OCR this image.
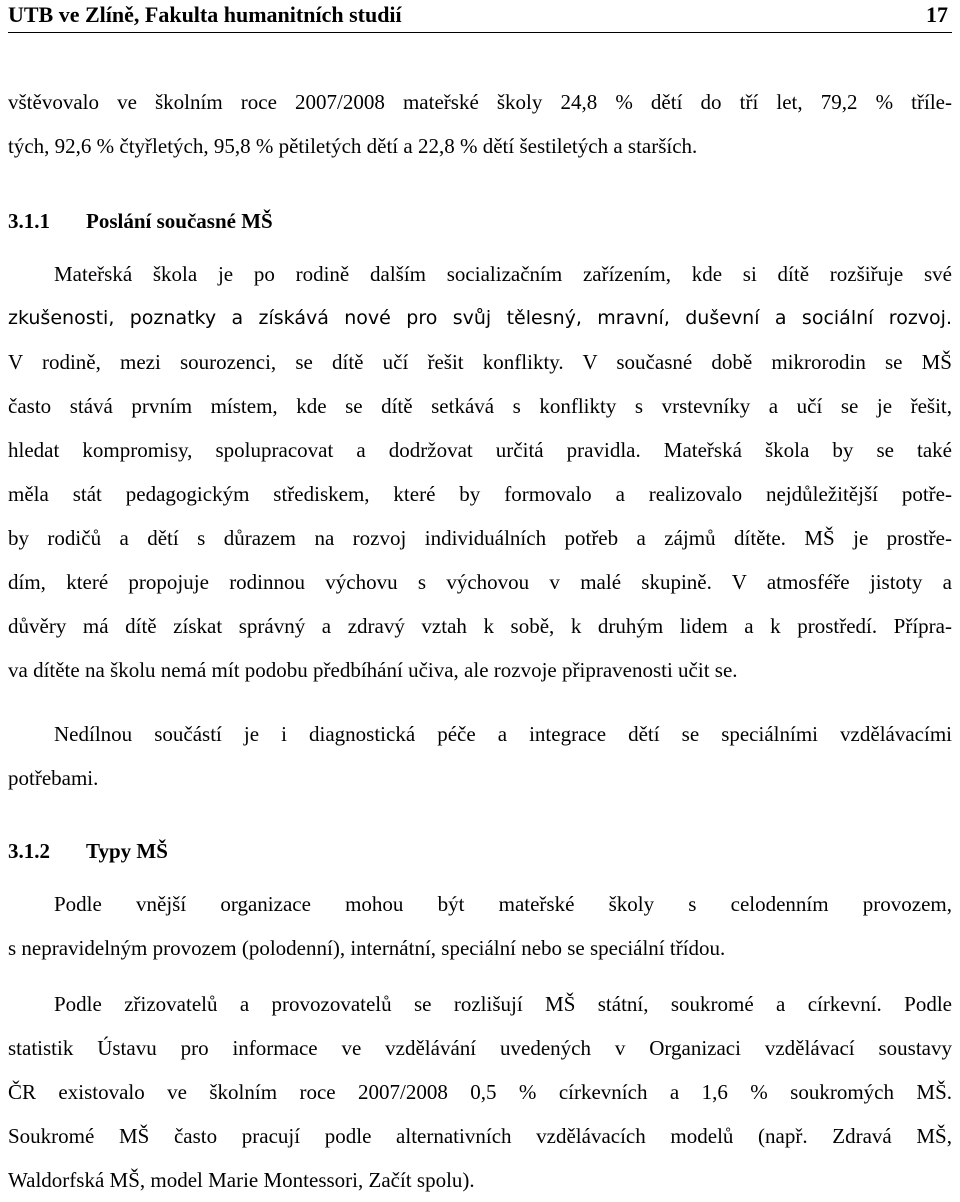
UTB ve Zlíně, Fakulta humanitních studií	17
vštěvovalo ve školním roce 2007/2008 mateřské školy 24,8 % dětí do tří let, 79,2 % tříle-
tých, 92,6 % čtyřletých, 95,8 % pětiletých dětí a 22,8 % dětí šestiletých a starších.
3.1.1 Poslání současné MŠ
Mateřská škola je po rodině dalším socializačním zařízením, kde si dítě rozšiřuje své
zkušenosti, poznatky a získává nové pro svůj tělesný, mravní, duševní a sociální rozvoj.
V rodině, mezi sourozenci, se dítě učí řešit konflikty. V současné době mikrorodin se MŠ
často stává prvním místem, kde se dítě setkává s konflikty s vrstevníky a učí se je řešit,
hledat kompromisy, spolupracovat a dodržovat určitá pravidla. Mateřská škola by se také
měla stát pedagogickým střediskem, které by formovalo a realizovalo nejdůležitější potře-
by rodičů a dětí s důrazem na rozvoj individuálních potřeb a zájmů dítěte. MŠ je prostře-
dím, které propojuje rodinnou výchovu s výchovou v malé skupině. V atmosféře jistoty a
důvěry má dítě získat správný a zdravý vztah k sobě, k druhým lidem a k prostředí. Přípra-
va dítěte na školu nemá mít podobu předbíhání učiva, ale rozvoje připravenosti učit se.
Nedílnou součástí je i diagnostická péče a integrace dětí se speciálními vzdělávacími
potřebami.
3.1.2 Typy MŠ
Podle vnější organizace mohou být mateřské školy s celodenním provozem,
s nepravidelným provozem (polodenní), internátní, speciální nebo se speciální třídou.
Podle zřizovatelů a provozovatelů se rozlišují MŠ státní, soukromé a církevní. Podle
statistik Ústavu pro informace ve vzdělávání uvedených v Organizaci vzdělávací soustavy
ČR existovalo ve školním roce 2007/2008 0,5 % církevních a 1,6 % soukromých MŠ.
Soukromé MŠ často pracují podle alternativních vzdělávacích modelů (např. Zdravá MŠ,
Waldorfská MŠ, model Marie Montessori, Začít spolu).
